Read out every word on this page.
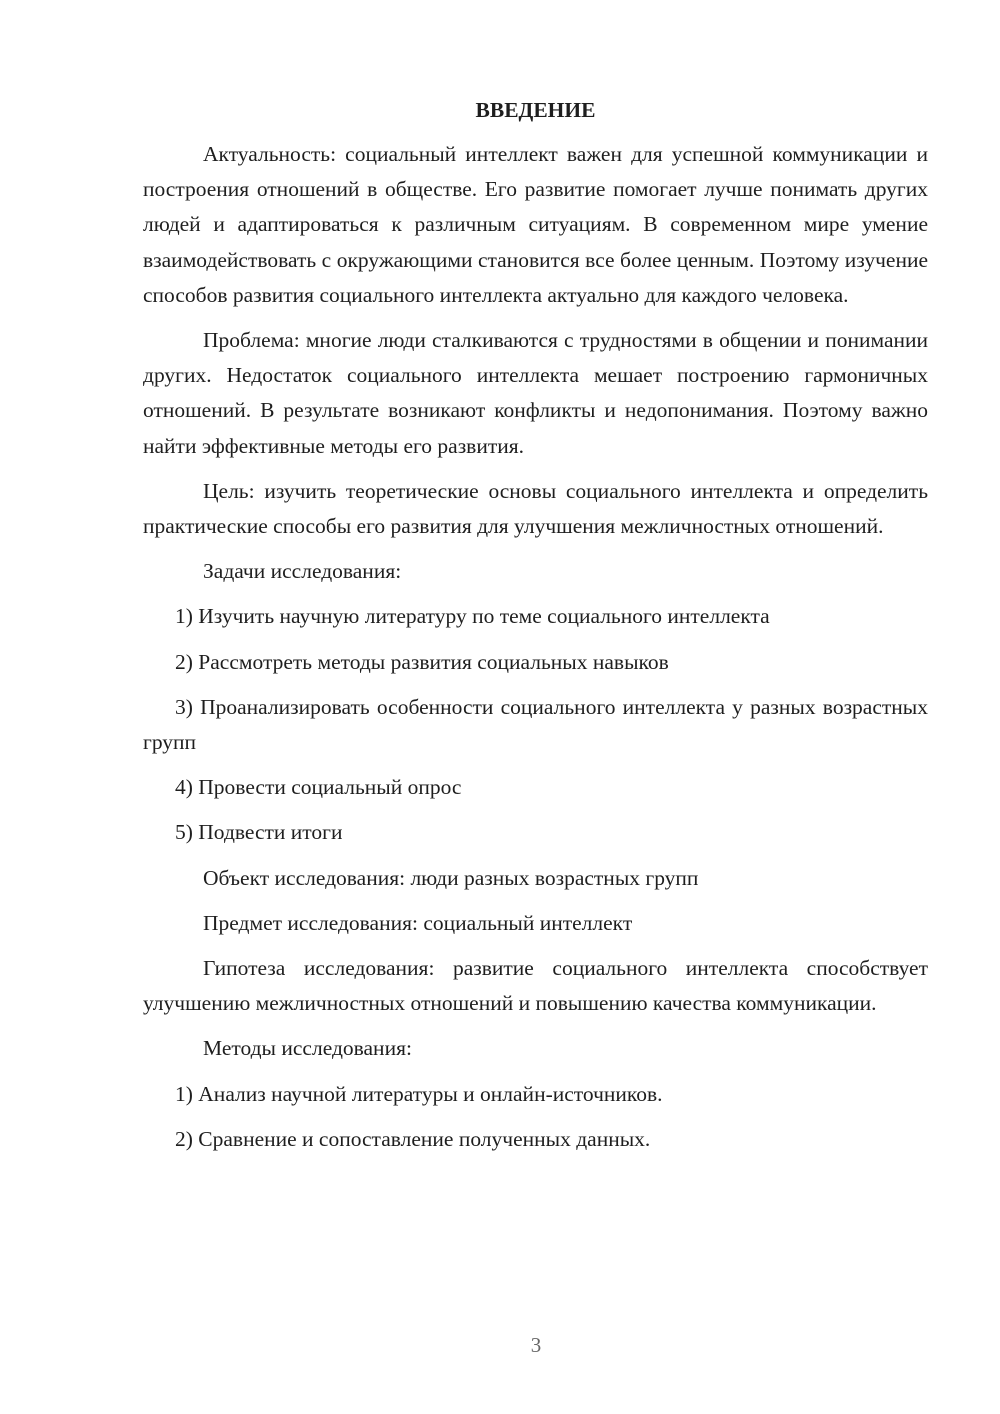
ВВЕДЕНИЕ
Актуальность: социальный интеллект важен для успешной коммуникации и построения отношений в обществе. Его развитие помогает лучше понимать других людей и адаптироваться к различным ситуациям. В современном мире умение взаимодействовать с окружающими становится все более ценным. Поэтому изучение способов развития социального интеллекта актуально для каждого человека.
Проблема: многие люди сталкиваются с трудностями в общении и понимании других. Недостаток социального интеллекта мешает построению гармоничных отношений. В результате возникают конфликты и недопонимания. Поэтому важно найти эффективные методы его развития.
Цель: изучить теоретические основы социального интеллекта и определить практические способы его развития для улучшения межличностных отношений.
Задачи исследования:
1) Изучить научную литературу по теме социального интеллекта
2) Рассмотреть методы развития социальных навыков
3) Проанализировать особенности социального интеллекта у разных возрастных групп
4) Провести социальный опрос
5) Подвести итоги
Объект исследования: люди разных возрастных групп
Предмет исследования: социальный интеллект
Гипотеза исследования: развитие социального интеллекта способствует улучшению межличностных отношений и повышению качества коммуникации.
Методы исследования:
1) Анализ научной литературы и онлайн-источников.
2) Сравнение и сопоставление полученных данных.
3
